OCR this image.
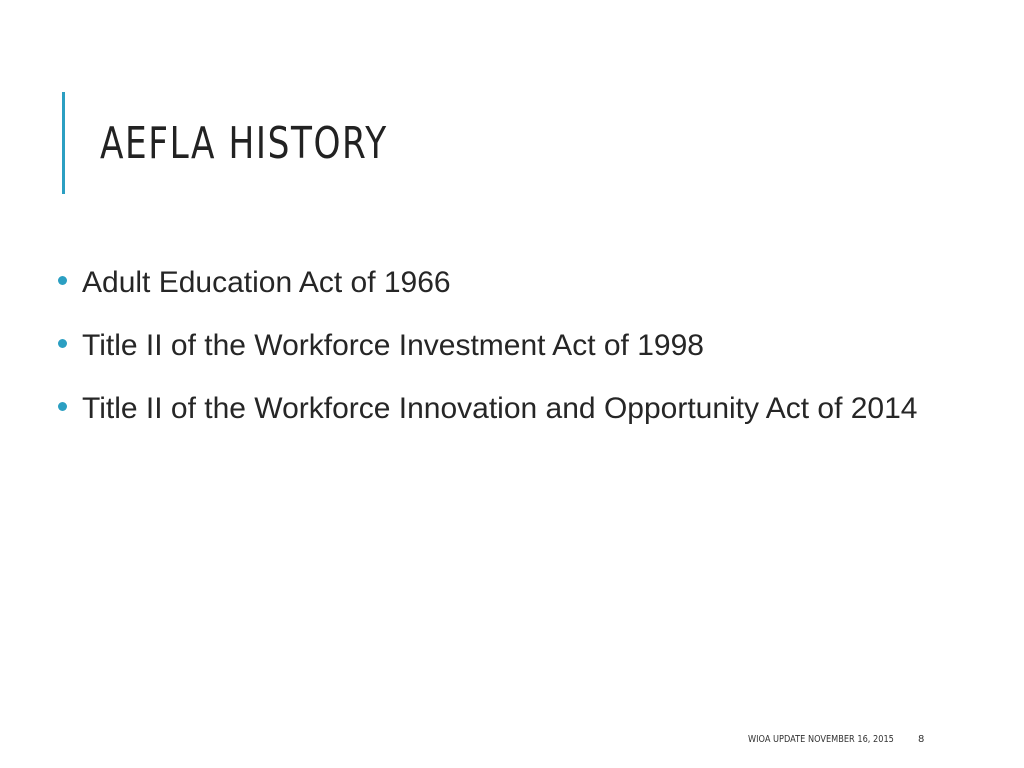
AEFLA HISTORY
Adult Education Act of 1966
Title II of the Workforce Investment Act of 1998
Title II of the Workforce Innovation and Opportunity Act of 2014
WIOA UPDATE NOVEMBER 16, 2015 8
